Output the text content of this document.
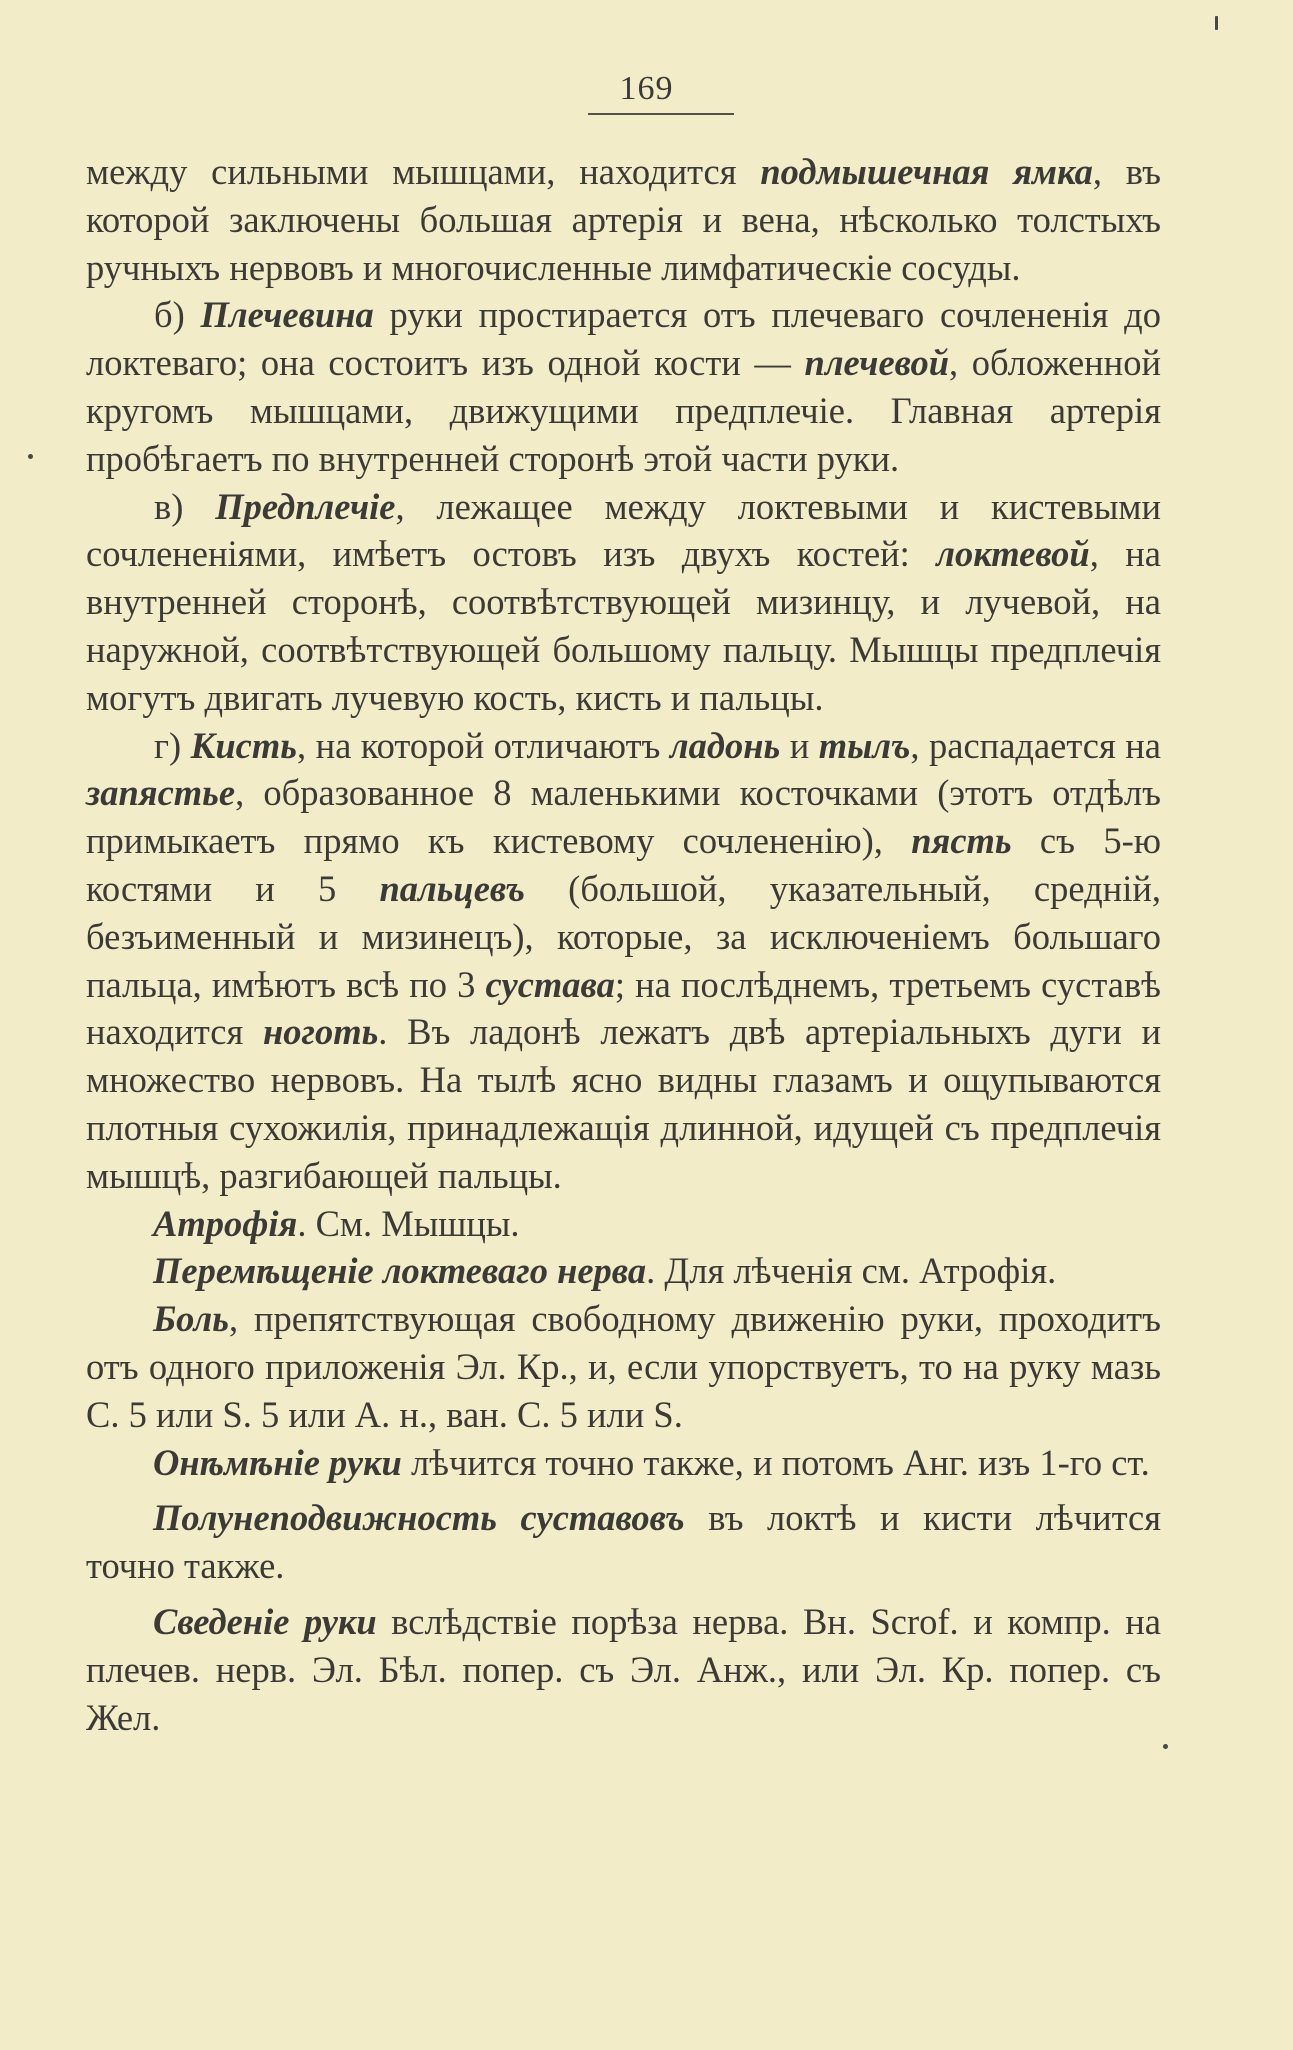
169

между сильными мышцами, находится подмышечная ямка, въ которой заключены большая артерія и вена, нѣсколько толстыхъ ручныхъ нервовъ и многочисленные лимфатическіе сосуды.

б) Плечевина руки простирается отъ плечеваго сочлененія до локтеваго; она состоитъ изъ одной кости — плечевой, обложенной кругомъ мышцами, движущими предплечіе. Главная артерія пробѣгаетъ по внутренней сторонѣ этой части руки.

в) Предплечіе, лежащее между локтевыми и кистевыми сочлененіями, имѣетъ остовъ изъ двухъ костей: локтевой, на внутренней сторонѣ, соотвѣтствующей мизинцу, и лучевой, на наружной, соотвѣтствующей большому пальцу. Мышцы предплечія могутъ двигать лучевую кость, кисть и пальцы.

г) Кисть, на которой отличаютъ ладонь и тылъ, распадается на запястье, образованное 8 маленькими косточками (этотъ отдѣлъ примыкаетъ прямо къ кистевому сочлененію), пясть съ 5-ю костями и 5 пальцевъ (большой, указательный, средній, безъименный и мизинецъ), которые, за исключеніемъ большаго пальца, имѣютъ всѣ по 3 сустава; на послѣднемъ, третьемъ суставѣ находится ноготь. Въ ладонѣ лежатъ двѣ артеріальныхъ дуги и множество нервовъ. На тылѣ ясно видны глазамъ и ощупываются плотныя сухожилія, принадлежащія длинной, идущей съ предплечія мышцѣ, разгибающей пальцы.

Атрофія. См. Мышцы.

Перемѣщеніе локтеваго нерва. Для лѣченія см. Атрофія.

Боль, препятствующая свободному движенію руки, проходитъ отъ одного приложенія Эл. Кр., и, если упорствуетъ, то на руку мазь С. 5 или S. 5 или А. н., ван. С. 5 или S.

Онѣмѣніе руки лѣчится точно также, и потомъ Анг. изъ 1-го ст.

Полунеподвижность суставовъ въ локтѣ и кисти лѣчится точно также.

Сведеніе руки вслѣдствіе порѣза нерва. Вн. Scrof. и компр. на плечев. нерв. Эл. Бѣл. попер. съ Эл. Анж., или Эл. Кр. попер. съ Жел.
